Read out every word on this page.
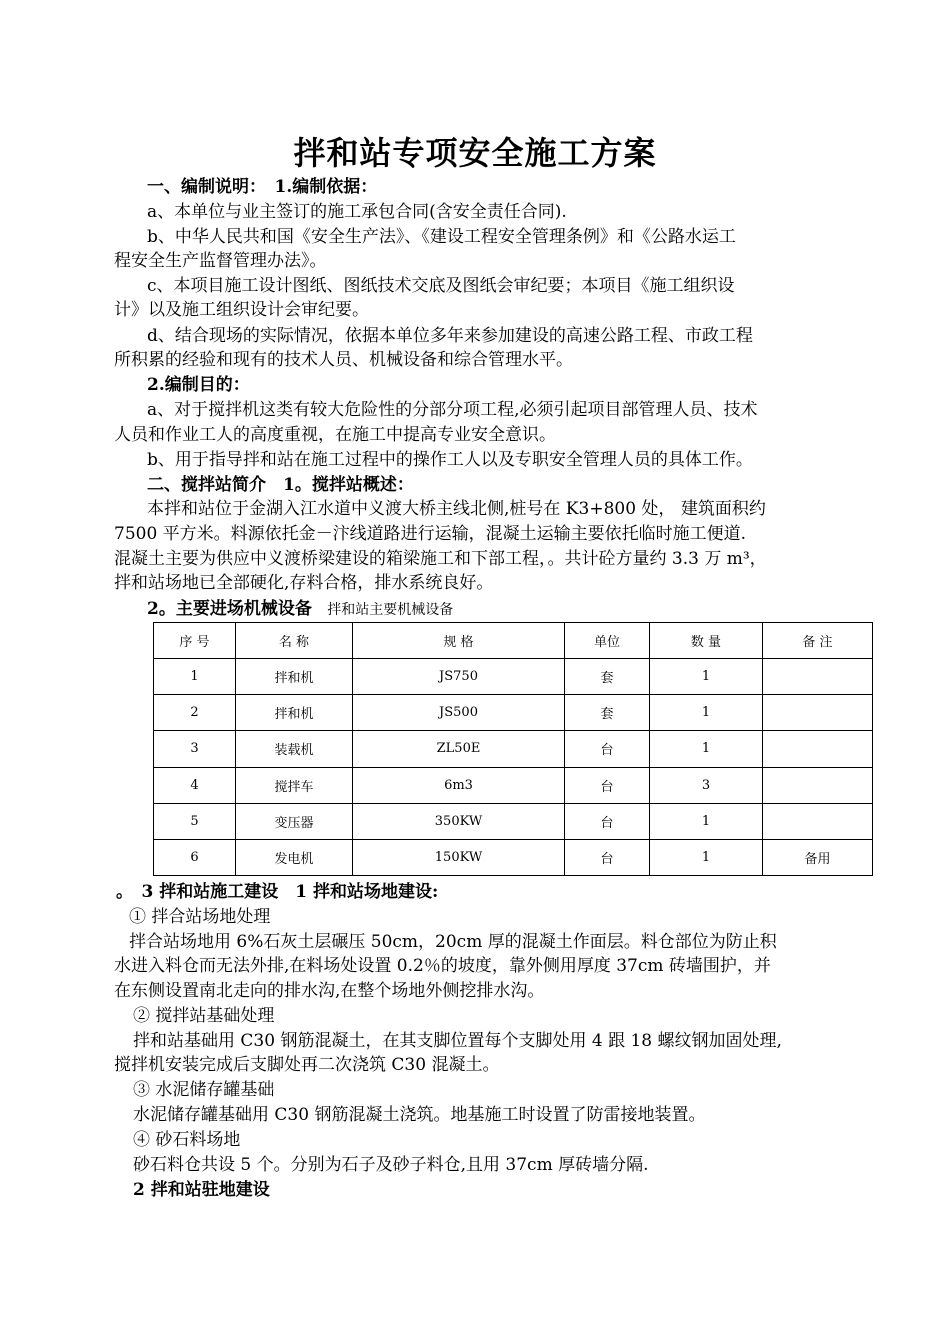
拌和站专项安全施工方案
一、编制说明：　1.编制依据：
a、本单位与业主签订的施工承包合同(含安全责任合同).
b、中华人民共和国《安全生产法》、《建设工程安全管理条例》和《公路水运工
程安全生产监督管理办法》。
c、本项目施工设计图纸、图纸技术交底及图纸会审纪要；本项目《施工组织设
计》以及施工组织设计会审纪要。
d、结合现场的实际情况，依据本单位多年来参加建设的高速公路工程、市政工程
所积累的经验和现有的技术人员、机械设备和综合管理水平。
2.编制目的：
a、对于搅拌机这类有较大危险性的分部分项工程,必须引起项目部管理人员、技术
人员和作业工人的高度重视，在施工中提高专业安全意识。
b、用于指导拌和站在施工过程中的操作工人以及专职安全管理人员的具体工作。
二、搅拌站简介　1。搅拌站概述：
本拌和站位于金湖入江水道中义渡大桥主线北侧,桩号在 K3+800 处， 建筑面积约
7500 平方米。料源依托金－汴线道路进行运输，混凝土运输主要依托临时施工便道.
混凝土主要为供应中义渡桥梁建设的箱梁施工和下部工程，。共计砼方量约 3.3 万 m³，
拌和站场地已全部硬化,存料合格，排水系统良好。
2。主要进场机械设备 拌和站主要机械设备
序 号	名 称	规 格	单位	数 量	备 注
1	拌和机	JS750	套	1	
2	拌和机	JS500	套	1	
3	装载机	ZL50E	台	1	
4	搅拌车	6m3	台	3	
5	变压器	350KW	台	1	
6	发电机	150KW	台	1	备用
。　3 拌和站施工建设　1 拌和站场地建设:
① 拌合站场地处理
拌合站场地用 6%石灰土层碾压 50cm，20cm 厚的混凝土作面层。料仓部位为防止积
水进入料仓而无法外排,在料场处设置 0.2％的坡度，靠外侧用厚度 37cm 砖墙围护，并
在东侧设置南北走向的排水沟,在整个场地外侧挖排水沟。
② 搅拌站基础处理
拌和站基础用 C30 钢筋混凝土，在其支脚位置每个支脚处用 4 跟 18 螺纹钢加固处理,
搅拌机安装完成后支脚处再二次浇筑 C30 混凝土。
③ 水泥储存罐基础
水泥储存罐基础用 C30 钢筋混凝土浇筑。地基施工时设置了防雷接地装置。
④ 砂石料场地
砂石料仓共设 5 个。分别为石子及砂子料仓,且用 37cm 厚砖墙分隔.
2 拌和站驻地建设
